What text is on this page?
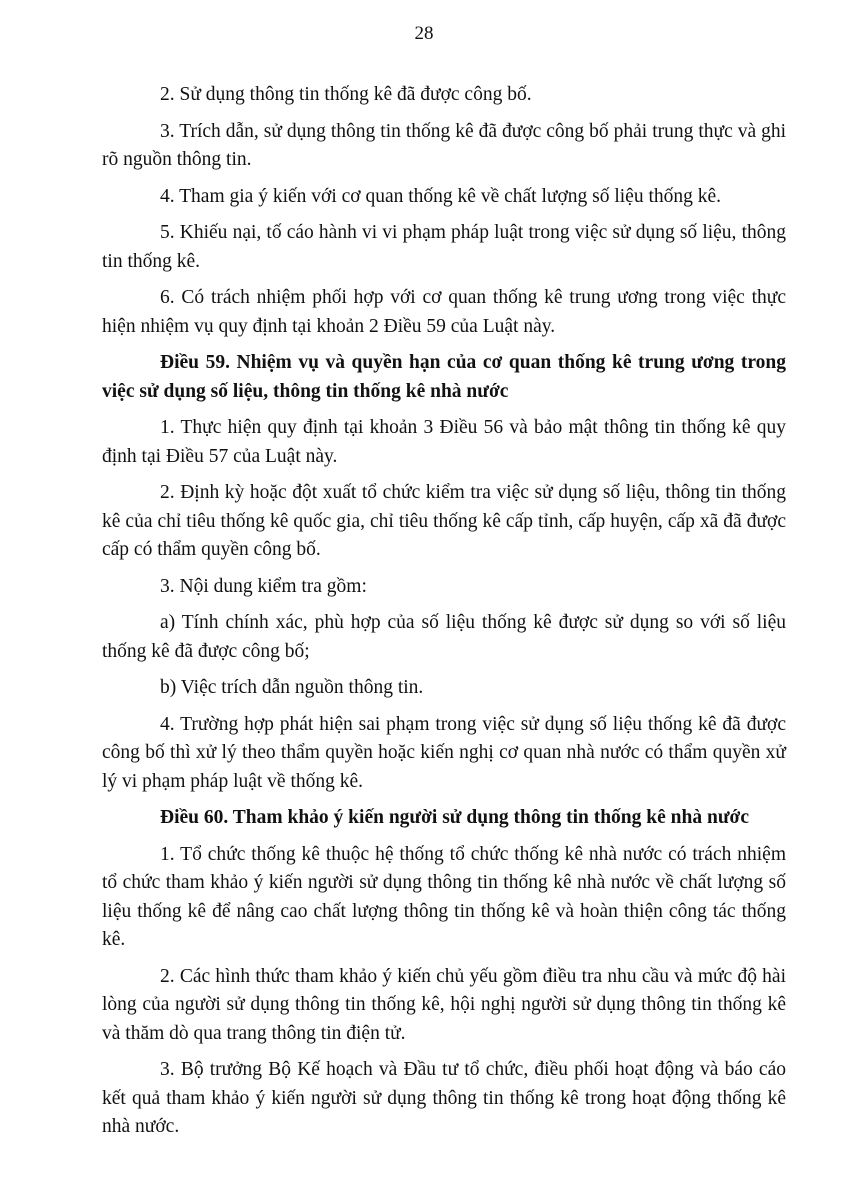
28

2. Sử dụng thông tin thống kê đã được công bố.

3. Trích dẫn, sử dụng thông tin thống kê đã được công bố phải trung thực và ghi rõ nguồn thông tin.

4. Tham gia ý kiến với cơ quan thống kê về chất lượng số liệu thống kê.

5. Khiếu nại, tố cáo hành vi vi phạm pháp luật trong việc sử dụng số liệu, thông tin thống kê.

6. Có trách nhiệm phối hợp với cơ quan thống kê trung ương trong việc thực hiện nhiệm vụ quy định tại khoản 2 Điều 59 của Luật này.

Điều 59. Nhiệm vụ và quyền hạn của cơ quan thống kê trung ương trong việc sử dụng số liệu, thông tin thống kê nhà nước

1. Thực hiện quy định tại khoản 3 Điều 56 và bảo mật thông tin thống kê quy định tại Điều 57 của Luật này.

2. Định kỳ hoặc đột xuất tổ chức kiểm tra việc sử dụng số liệu, thông tin thống kê của chỉ tiêu thống kê quốc gia, chỉ tiêu thống kê cấp tỉnh, cấp huyện, cấp xã đã được cấp có thẩm quyền công bố.

3. Nội dung kiểm tra gồm:

a) Tính chính xác, phù hợp của số liệu thống kê được sử dụng so với số liệu thống kê đã được công bố;

b) Việc trích dẫn nguồn thông tin.

4. Trường hợp phát hiện sai phạm trong việc sử dụng số liệu thống kê đã được công bố thì xử lý theo thẩm quyền hoặc kiến nghị cơ quan nhà nước có thẩm quyền xử lý vi phạm pháp luật về thống kê.

Điều 60. Tham khảo ý kiến người sử dụng thông tin thống kê nhà nước

1. Tổ chức thống kê thuộc hệ thống tổ chức thống kê nhà nước có trách nhiệm tổ chức tham khảo ý kiến người sử dụng thông tin thống kê nhà nước về chất lượng số liệu thống kê để nâng cao chất lượng thông tin thống kê và hoàn thiện công tác thống kê.

2. Các hình thức tham khảo ý kiến chủ yếu gồm điều tra nhu cầu và mức độ hài lòng của người sử dụng thông tin thống kê, hội nghị người sử dụng thông tin thống kê và thăm dò qua trang thông tin điện tử.

3. Bộ trưởng Bộ Kế hoạch và Đầu tư tổ chức, điều phối hoạt động và báo cáo kết quả tham khảo ý kiến người sử dụng thông tin thống kê trong hoạt động thống kê nhà nước.
